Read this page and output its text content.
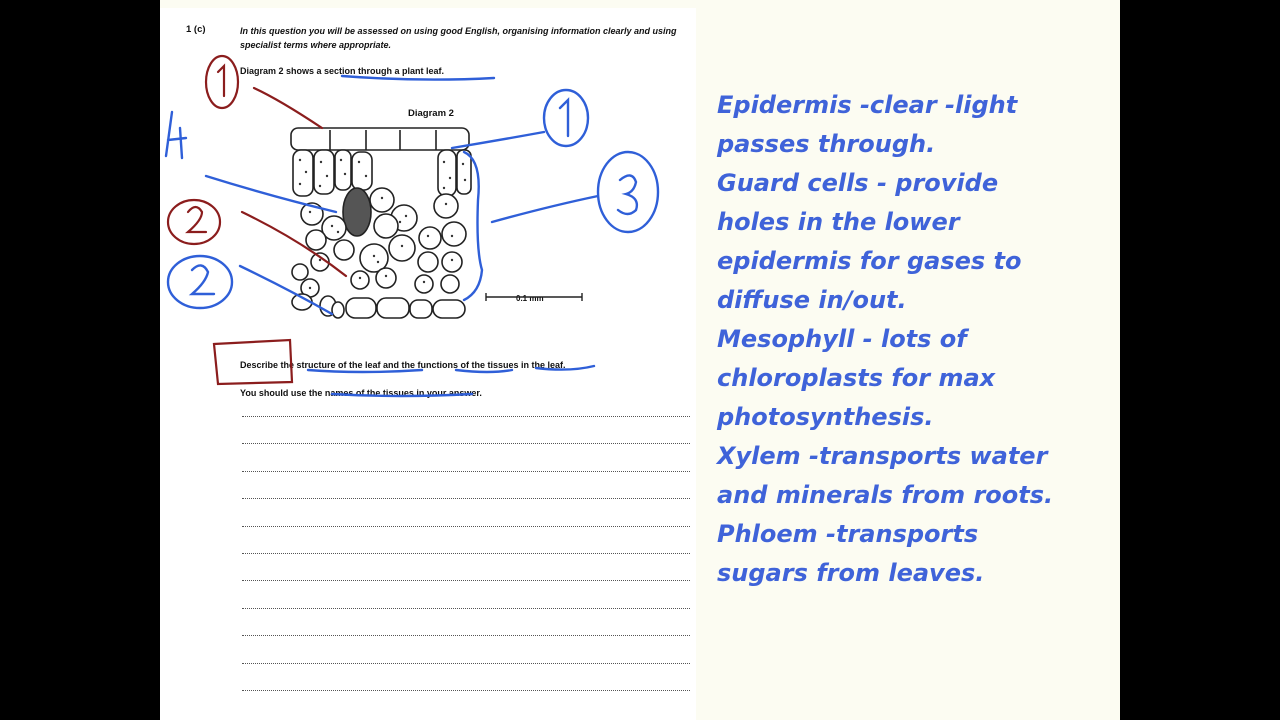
1 (c)	In this question you will be assessed on using good English, organising information clearly and using specialist terms where appropriate.
Diagram 2 shows a section through a plant leaf.
Diagram 2
0.1 mm
Describe the structure of the leaf and the functions of the tissues in the leaf.
You should use the names of the tissues in your answer.
Epidermis -clear -light
passes through.
Guard cells - provide
holes in the lower
epidermis for gases to
diffuse in/out.
Mesophyll - lots of
chloroplasts for max
photosynthesis.
Xylem -transports water
and minerals from roots.
Phloem -transports
sugars from leaves.
